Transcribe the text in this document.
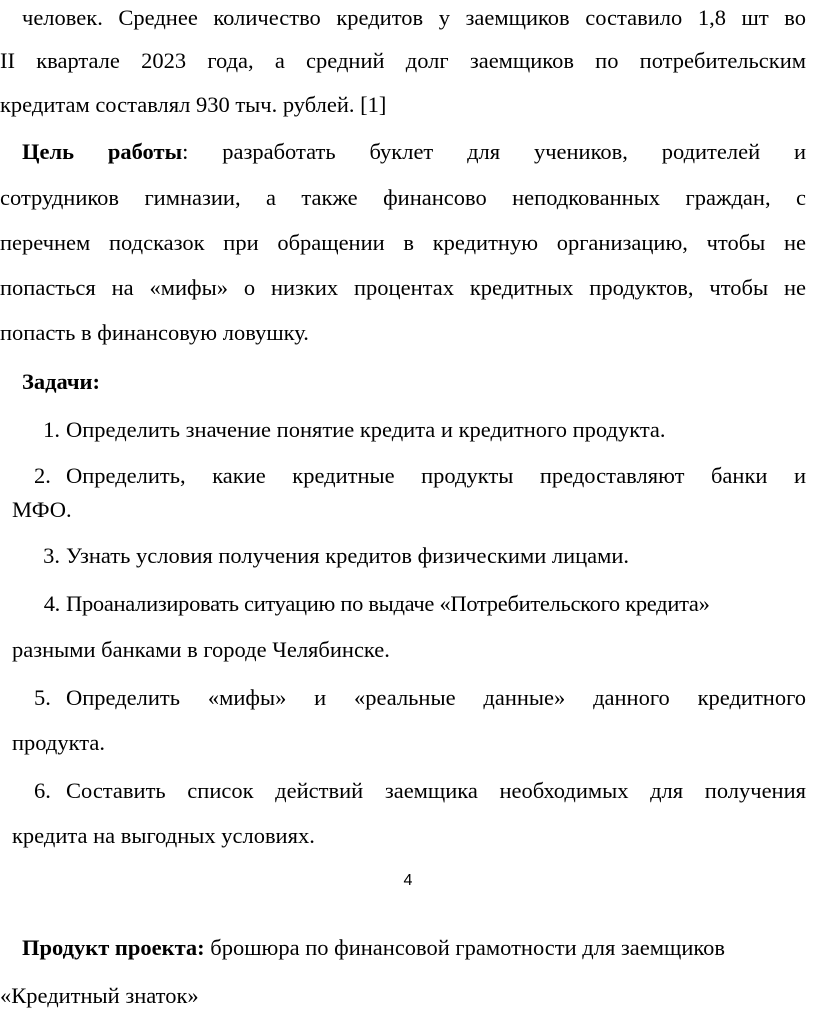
человек. Среднее количество кредитов у заемщиков составило 1,8 шт во
II квартале 2023 года, а средний долг заемщиков по потребительским
кредитам составлял 930 тыч. рублей. [1]
Цель работы: разработать буклет для учеников, родителей и
сотрудников гимназии, а также финансово неподкованных граждан, с
перечнем подсказок при обращении в кредитную организацию, чтобы не
попасться на «мифы» о низких процентах кредитных продуктов, чтобы не
попасть в финансовую ловушку.
Задачи:
1. Определить значение понятие кредита и кредитного продукта.
2. Определить, какие кредитные продукты предоставляют банки и
МФО.
3. Узнать условия получения кредитов физическими лицами.
4. Проанализировать ситуацию по выдаче «Потребительского кредита»
разными банками в городе Челябинске.
5. Определить «мифы» и «реальные данные» данного кредитного
продукта.
6. Составить список действий заемщика необходимых для получения
кредита на выгодных условиях.
4
Продукт проекта: брошюра по финансовой грамотности для заемщиков
«Кредитный знаток»
